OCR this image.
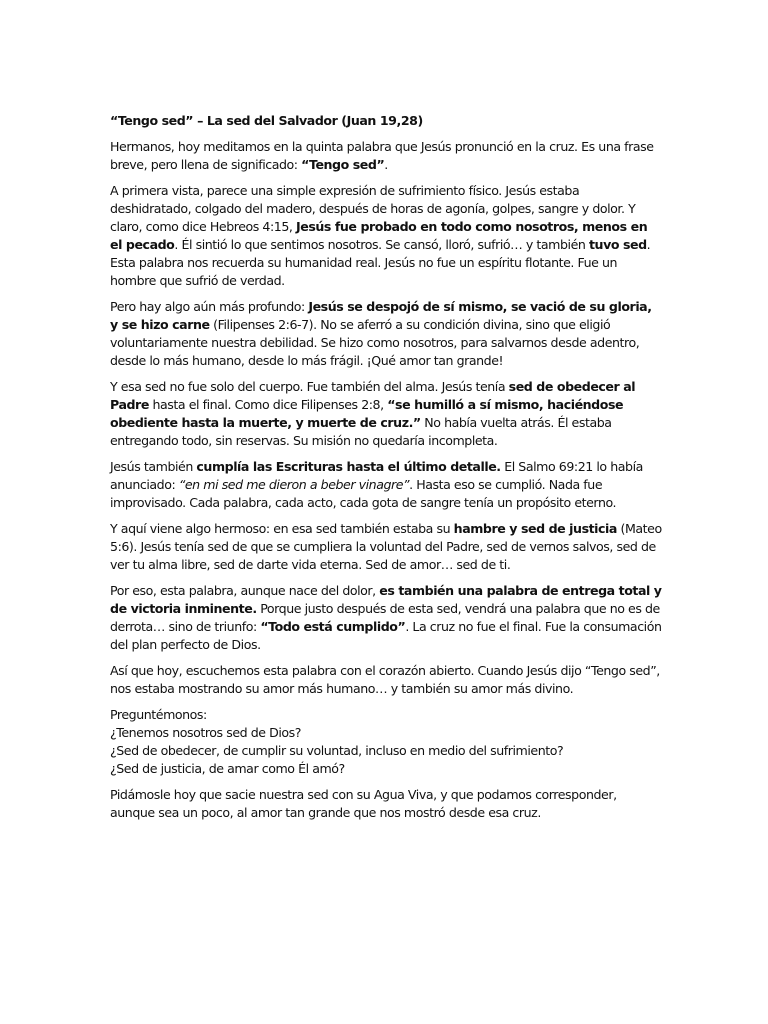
“Tengo sed” – La sed del Salvador (Juan 19,28)

Hermanos, hoy meditamos en la quinta palabra que Jesús pronunció en la cruz. Es una frase breve, pero llena de significado: “Tengo sed”.

A primera vista, parece una simple expresión de sufrimiento físico. Jesús estaba deshidratado, colgado del madero, después de horas de agonía, golpes, sangre y dolor. Y claro, como dice Hebreos 4:15, Jesús fue probado en todo como nosotros, menos en el pecado. Él sintió lo que sentimos nosotros. Se cansó, lloró, sufrió… y también tuvo sed. Esta palabra nos recuerda su humanidad real. Jesús no fue un espíritu flotante. Fue un hombre que sufrió de verdad.

Pero hay algo aún más profundo: Jesús se despojó de sí mismo, se vació de su gloria, y se hizo carne (Filipenses 2:6-7). No se aferró a su condición divina, sino que eligió voluntariamente nuestra debilidad. Se hizo como nosotros, para salvarnos desde adentro, desde lo más humano, desde lo más frágil. ¡Qué amor tan grande!

Y esa sed no fue solo del cuerpo. Fue también del alma. Jesús tenía sed de obedecer al Padre hasta el final. Como dice Filipenses 2:8, “se humilló a sí mismo, haciéndose obediente hasta la muerte, y muerte de cruz.” No había vuelta atrás. Él estaba entregando todo, sin reservas. Su misión no quedaría incompleta.

Jesús también cumplía las Escrituras hasta el último detalle. El Salmo 69:21 lo había anunciado: “en mi sed me dieron a beber vinagre”. Hasta eso se cumplió. Nada fue improvisado. Cada palabra, cada acto, cada gota de sangre tenía un propósito eterno.

Y aquí viene algo hermoso: en esa sed también estaba su hambre y sed de justicia (Mateo 5:6). Jesús tenía sed de que se cumpliera la voluntad del Padre, sed de vernos salvos, sed de ver tu alma libre, sed de darte vida eterna. Sed de amor… sed de ti.

Por eso, esta palabra, aunque nace del dolor, es también una palabra de entrega total y de victoria inminente. Porque justo después de esta sed, vendrá una palabra que no es de derrota… sino de triunfo: “Todo está cumplido”. La cruz no fue el final. Fue la consumación del plan perfecto de Dios.

Así que hoy, escuchemos esta palabra con el corazón abierto. Cuando Jesús dijo “Tengo sed”, nos estaba mostrando su amor más humano… y también su amor más divino.

Preguntémonos:
¿Tenemos nosotros sed de Dios?
¿Sed de obedecer, de cumplir su voluntad, incluso en medio del sufrimiento?
¿Sed de justicia, de amar como Él amó?

Pidámosle hoy que sacie nuestra sed con su Agua Viva, y que podamos corresponder, aunque sea un poco, al amor tan grande que nos mostró desde esa cruz.
